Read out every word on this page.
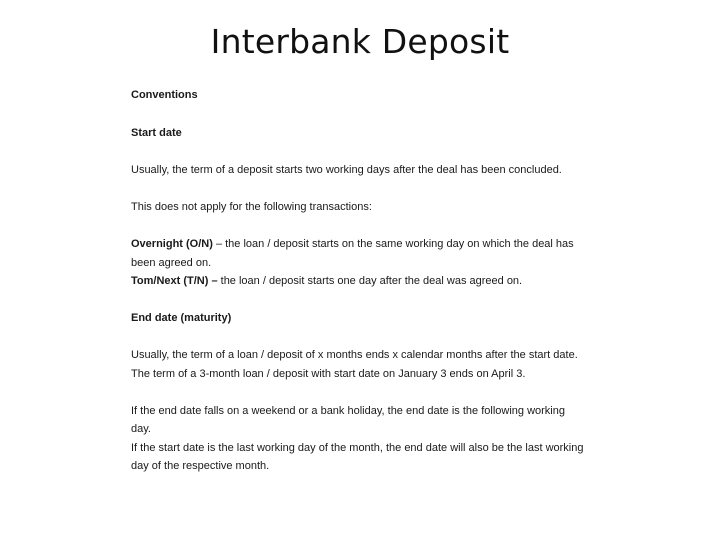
Interbank Deposit
Conventions
Start date
Usually, the term of a deposit starts two working days after the deal has been concluded.
This does not apply for the following transactions:
Overnight (O/N) – the loan / deposit starts on the same working day on which the deal has
been agreed on.
Tom/Next (T/N) – the loan / deposit starts one day after the deal was agreed on.
End date (maturity)
Usually, the term of a loan / deposit of x months ends x calendar months after the start date.
The term of a 3-month loan / deposit with start date on January 3 ends on April 3.
If the end date falls on a weekend or a bank holiday, the end date is the following working
day.
If the start date is the last working day of the month, the end date will also be the last working
day of the respective month.
